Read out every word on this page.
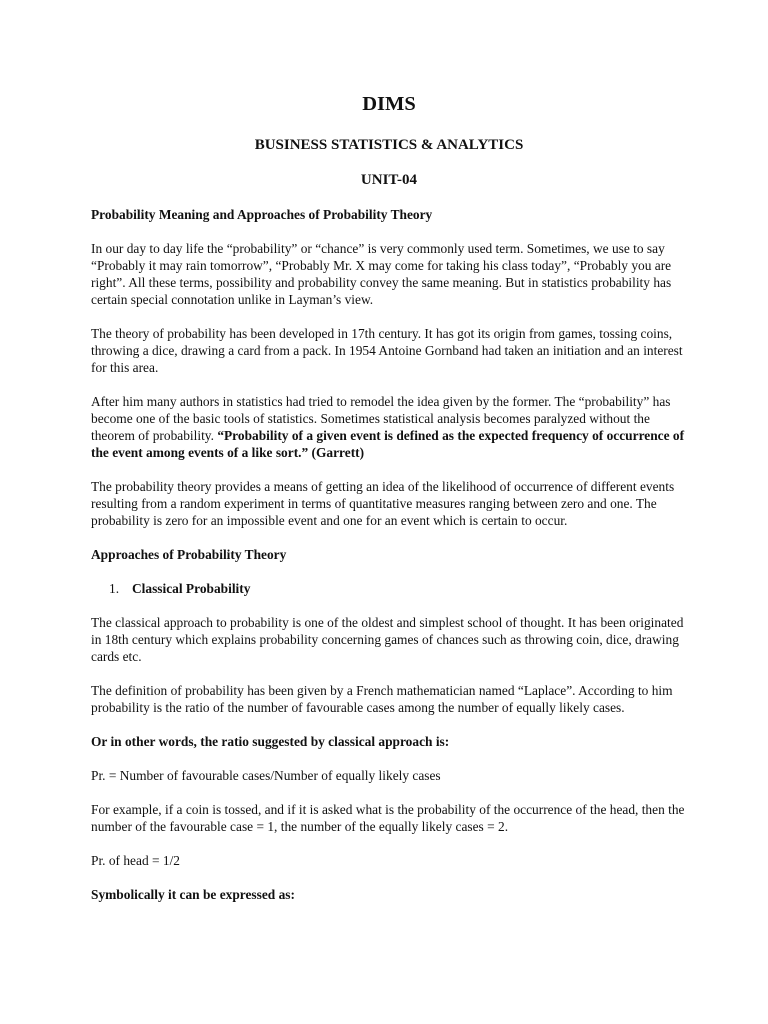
DIMS
BUSINESS STATISTICS & ANALYTICS
UNIT-04
Probability Meaning and Approaches of Probability Theory

In our day to day life the “probability” or “chance” is very commonly used term. Sometimes, we use to say “Probably it may rain tomorrow”, “Probably Mr. X may come for taking his class today”, “Probably you are right”. All these terms, possibility and probability convey the same meaning. But in statistics probability has certain special connotation unlike in Layman’s view.

The theory of probability has been developed in 17th century. It has got its origin from games, tossing coins, throwing a dice, drawing a card from a pack. In 1954 Antoine Gornband had taken an initiation and an interest for this area.

After him many authors in statistics had tried to remodel the idea given by the former. The “probability” has become one of the basic tools of statistics. Sometimes statistical analysis becomes paralyzed without the theorem of probability. “Probability of a given event is defined as the expected frequency of occurrence of the event among events of a like sort.” (Garrett)

The probability theory provides a means of getting an idea of the likelihood of occurrence of different events resulting from a random experiment in terms of quantitative measures ranging between zero and one. The probability is zero for an impossible event and one for an event which is certain to occur.

Approaches of Probability Theory
1. Classical Probability

The classical approach to probability is one of the oldest and simplest school of thought. It has been originated in 18th century which explains probability concerning games of chances such as throwing coin, dice, drawing cards etc.

The definition of probability has been given by a French mathematician named “Laplace”. According to him probability is the ratio of the number of favourable cases among the number of equally likely cases.

Or in other words, the ratio suggested by classical approach is:

Pr. = Number of favourable cases/Number of equally likely cases

For example, if a coin is tossed, and if it is asked what is the probability of the occurrence of the head, then the number of the favourable case = 1, the number of the equally likely cases = 2.

Pr. of head = 1/2

Symbolically it can be expressed as:
